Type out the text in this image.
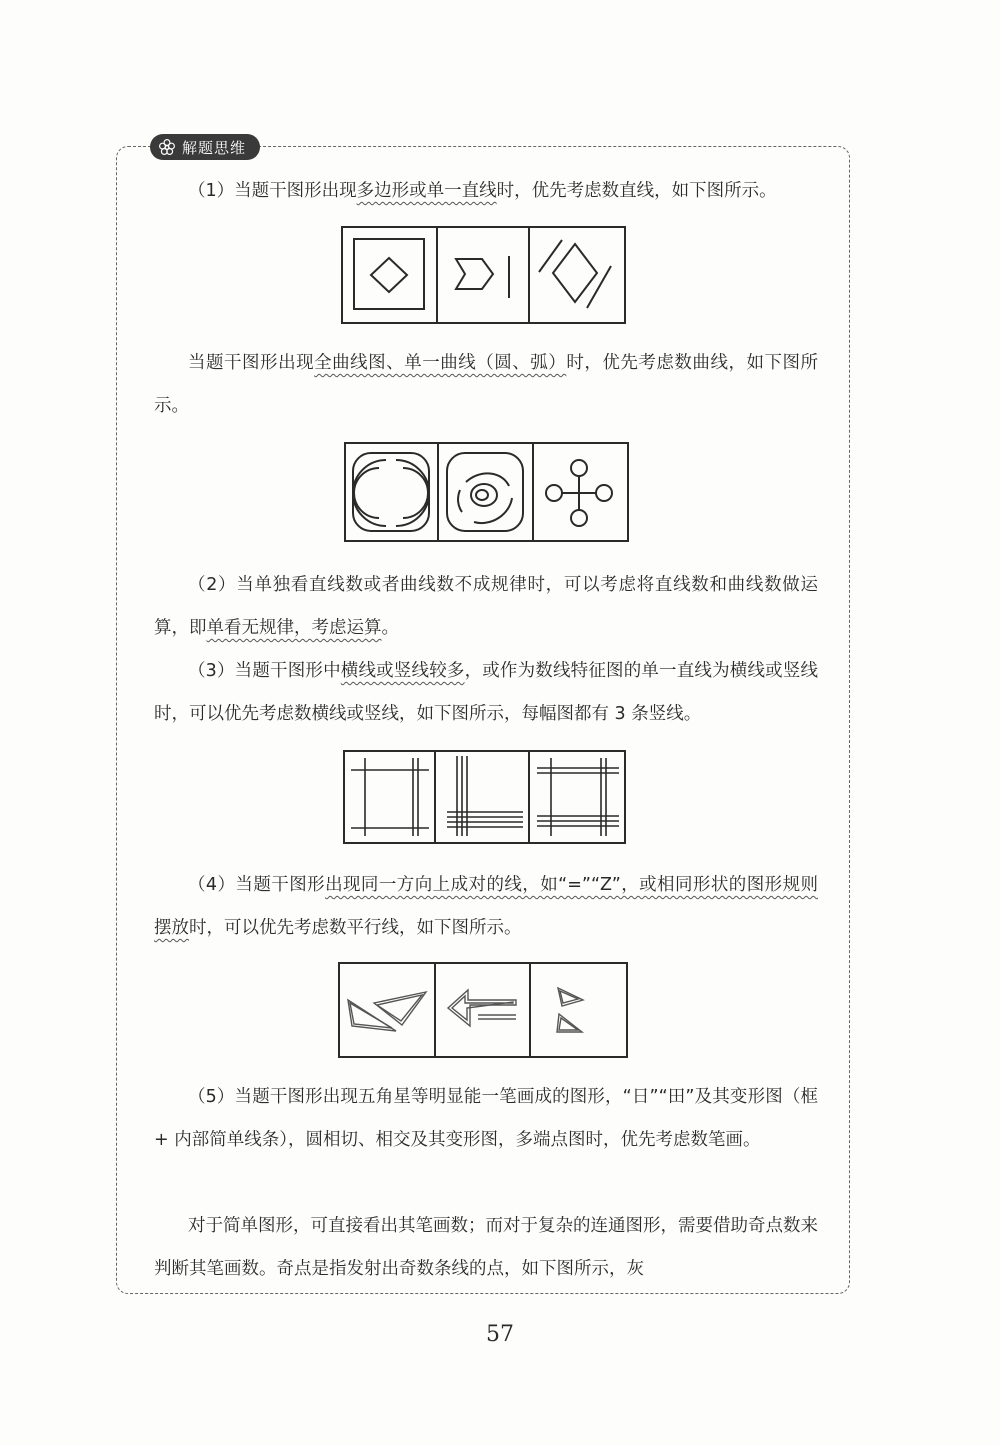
解题思维

（1）当题干图形出现多边形或单一直线时，优先考虑数直线，如下图所示。

当题干图形出现全曲线图、单一曲线（圆、弧）时，优先考虑数曲线，如下图所示。

（2）当单独看直线数或者曲线数不成规律时，可以考虑将直线数和曲线数做运算，即单看无规律，考虑运算。

（3）当题干图形中横线或竖线较多，或作为数线特征图的单一直线为横线或竖线时，可以优先考虑数横线或竖线，如下图所示，每幅图都有 3 条竖线。

（4）当题干图形出现同一方向上成对的线，如“=”“Z”，或相同形状的图形规则摆放时，可以优先考虑数平行线，如下图所示。

（5）当题干图形出现五角星等明显能一笔画成的图形，“日”“田”及其变形图（框 + 内部简单线条），圆相切、相交及其变形图，多端点图时，优先考虑数笔画。

对于简单图形，可直接看出其笔画数；而对于复杂的连通图形，需要借助奇点数来判断其笔画数。奇点是指发射出奇数条线的点，如下图所示，灰

57
